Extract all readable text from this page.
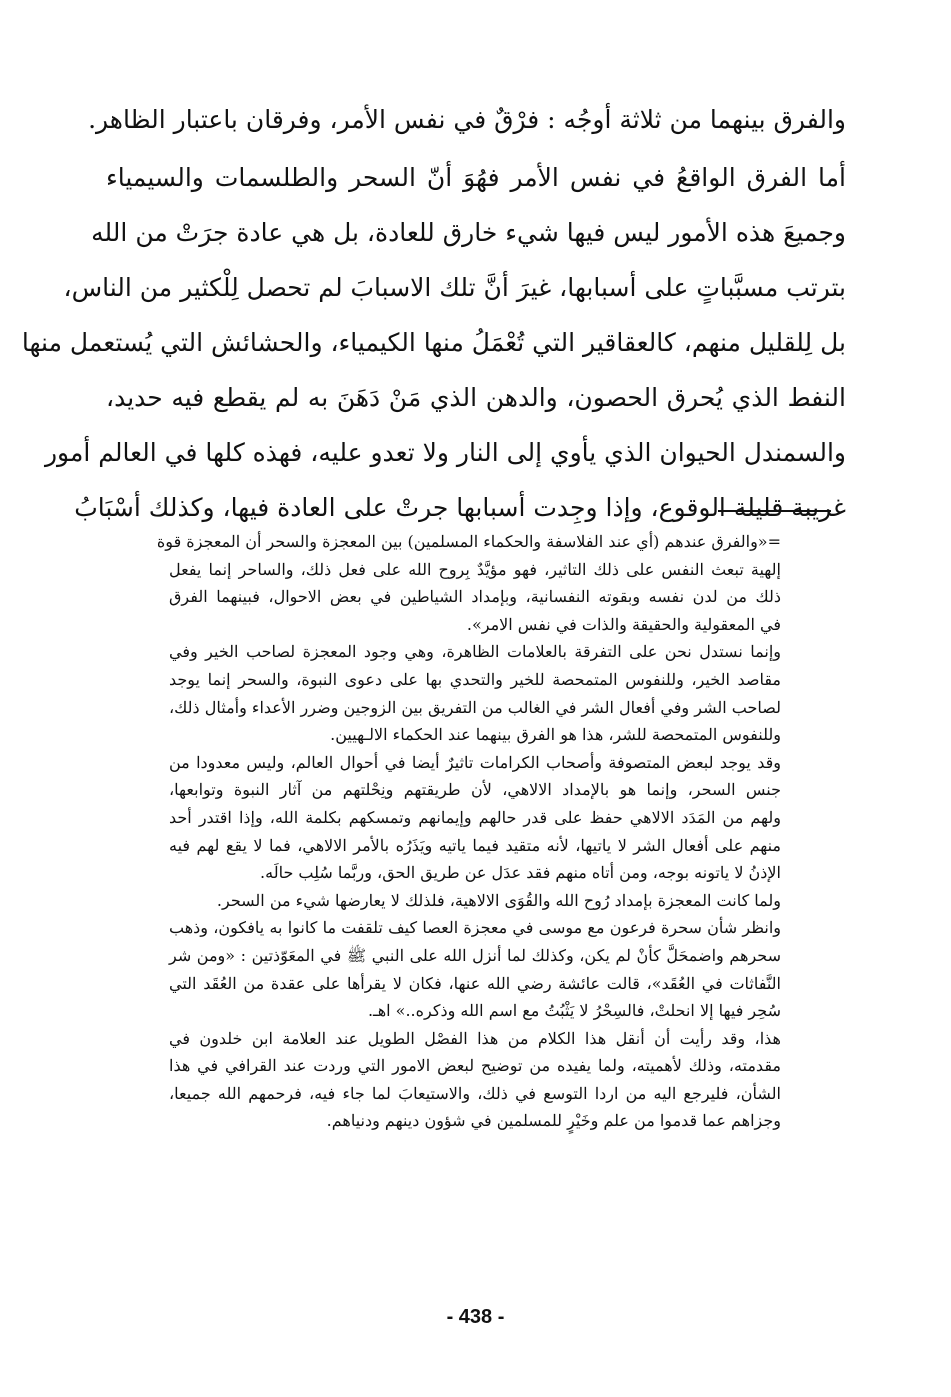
والفرق بينهما من ثلاثة أوجُه : فرْقٌ في نفس الأمر، وفرقان باعتبار الظاهر.
أما الفرق الواقعُ في نفس الأمر فهُوَ أنّ السحر والطلسمات والسيمياء
وجميعَ هذه الأمور ليس فيها شيء خارق للعادة، بل هي عادة جرَتْ من الله
بترتب مسبَّباتٍ على أسبابها، غيرَ أنَّ تلك الاسبابَ لم تحصل لِلْكثير من الناس،
بل لِلقليل منهم، كالعقاقير التي تُعْمَلُ منها الكيمياء، والحشائش التي يُستعمل منها
النفط الذي يُحرق الحصون، والدهن الذي مَنْ دَهَنَ به لم يقطع فيه حديد،
والسمندل الحيوان الذي يأوي إلى النار ولا تعدو عليه، فهذه كلها في العالم أمور
غريبة قليلة الوقوع، وإذا وجِدت أسبابها جرتْ على العادة فيها، وكذلك أسْبَابُ
=«والفرق عندهم (أي عند الفلاسفة والحكماء المسلمين) بين المعجزة والسحر أن المعجزة قوة
إلهية تبعث النفس على ذلك التاثير، فهو مؤيَّدٌ بِروح الله على فعل ذلك، والساحر إنما يفعل
ذلك من لدن نفسه وبقوته النفسانية، وبإمداد الشياطين في بعض الاحوال، فبينهما الفرق
في المعقولية والحقيقة والذات في نفس الامر».
وإنما نستدل نحن على التفرقة بالعلامات الظاهرة، وهي وجود المعجزة لصاحب الخير وفي
مقاصد الخير، وللنفوس المتمحصة للخير والتحدي بها على دعوى النبوة، والسحر إنما يوجد
لصاحب الشر وفي أفعال الشر في الغالب من التفريق بين الزوجين وضرر الأعداء وأمثال ذلك،
وللنفوس المتمحصة للشر، هذا هو الفرق بينهما عند الحكماء الالـهيين.
وقد يوجد لبعض المتصوفة وأصحاب الكرامات تاثيرٌ أيضا في أحوال العالم، وليس معدودا من
جنس السحر، وإنما هو بالإمداد الالاهي، لأن طريقتهم ونِحْلتهم من آثار النبوة وتوابعها،
ولهم من المَدَد الالاهي حفظ على قدر حالهم وإيمانهم وتمسكهم بكلمة الله، وإذا اقتدر أحد
منهم على أفعال الشر لا ياتيها، لأنه متقيد فيما ياتيه ويَذَرُه بالأمر الالاهي، فما لا يقع لهم فيه
الإذنُ لا ياتونه بوجه، ومن أتاه منهم فقد عدَل عن طريق الحق، وربَّما سُلِب حالَه.
ولما كانت المعجزة بإمداد رُوح الله والقُوَى الالاهية، فلذلك لا يعارضها شيء من السحر.
وانظر شأن سحرة فرعون مع موسى في معجزة العصا كيف تلقفت ما كانوا به يافكون، وذهب
سحرهم واضمحَلَّ كأنْ لم يكن، وكذلك لما أنزل الله على النبي ﷺ في المعَوّذتين : «ومن شر
النَّفاثات في العُقَد»، قالت عائشة رضي الله عنها، فكان لا يقرأها على عقدة من العُقَد التي
سُحِر فيها إلا انحلتْ، فالسِحْرُ لا يَثْبُتُ مع اسم الله وذكره..» اهـ.
هذا، وقد رأيت أن أنقل هذا الكلام من هذا الفصْل الطويل عند العلامة ابن خلدون في
مقدمته، وذلك لأهميته، ولما يفيده من توضيح لبعض الامور التي وردت عند القرافي في هذا
الشأن، فليرجع اليه من اردا التوسع في ذلك، والاستيعابَ لما جاء فيه، فرحمهم الله جميعا،
وجزاهم عما قدموا من علم وخَيْرٍ للمسلمين في شؤون دينهم ودنياهم.
- 438 -
